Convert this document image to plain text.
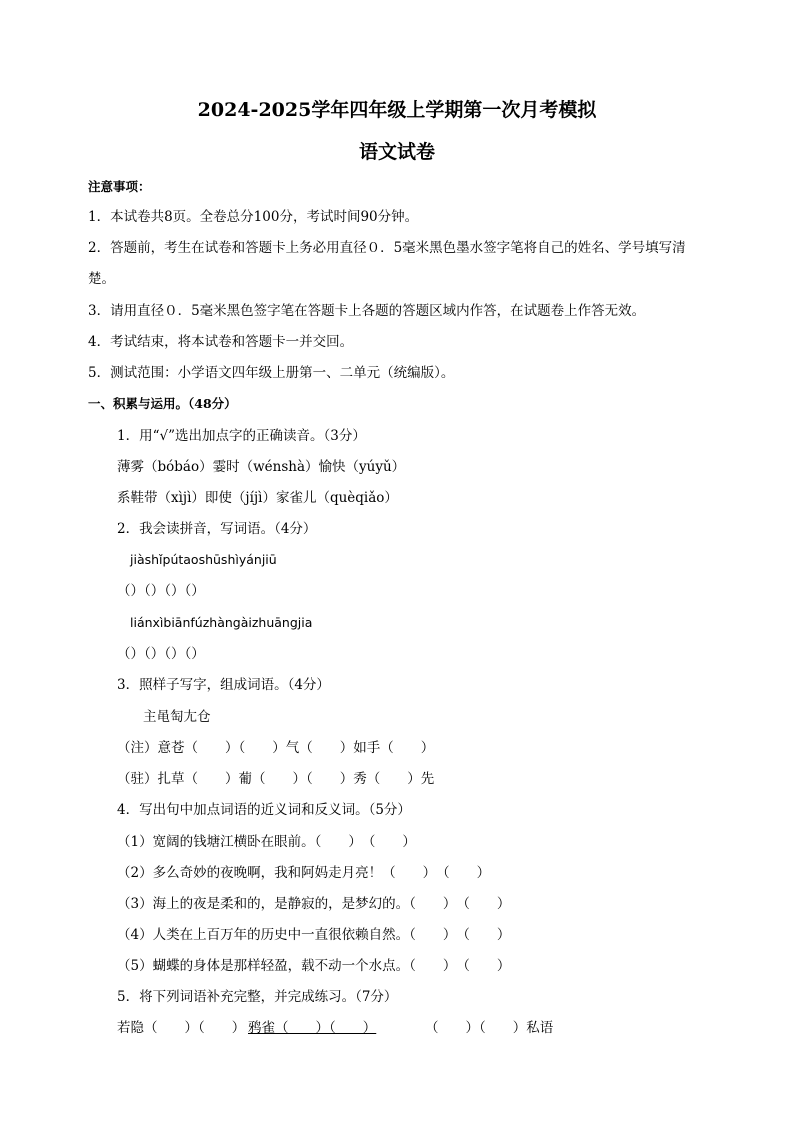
2024-2025学年四年级上学期第一次月考模拟
语文试卷
注意事项：
1．本试卷共8页。全卷总分100分，考试时间90分钟。
2．答题前，考生在试卷和答题卡上务必用直径０．5毫米黑色墨水签字笔将自己的姓名、学号填写清
楚。
3．请用直径０．5毫米黑色签字笔在答题卡上各题的答题区域内作答，在试题卷上作答无效。
4．考试结束，将本试卷和答题卡一并交回。
5．测试范围：小学语文四年级上册第一、二单元（统编版）。
一、积累与运用。（48分）
1．用“√”选出加点字的正确读音。（3分）
薄雾（bóbáo）霎时（wénshà）愉快（yúyǔ）
系鞋带（xìjì）即使（jíjì）家雀儿（quèqiǎo）
2．我会读拼音，写词语。（4分）
jiàshǐpútaoshūshìyánjiū
（）（）（）（）
liánxìbiānfúzhàngàizhuāngjia
（）（）（）（）
3．照样子写字，组成词语。（4分）
主黾匋尢仓
（注）意苍（　　）（　　）气（　　）如手（　　）
（驻）扎草（　　）葡（　　）（　　）秀（　　）先
4．写出句中加点词语的近义词和反义词。（5分）
（1）宽阔的钱塘江横卧在眼前。（　　）　（　　）
（2）多么奇妙的夜晚啊，我和阿妈走月亮！（　　）　（　　）
（3）海上的夜是柔和的，是静寂的，是梦幻的。（　　）　（　　）
（4）人类在上百万年的历史中一直很依赖自然。（　　）　（　　）
（5）蝴蝶的身体是那样轻盈，载不动一个水点。（　　）　（　　）
5．将下列词语补充完整，并完成练习。（7分）
若隐（　　）（　　） 鸦雀（　　）（　　）	（　　）（　　）私语
